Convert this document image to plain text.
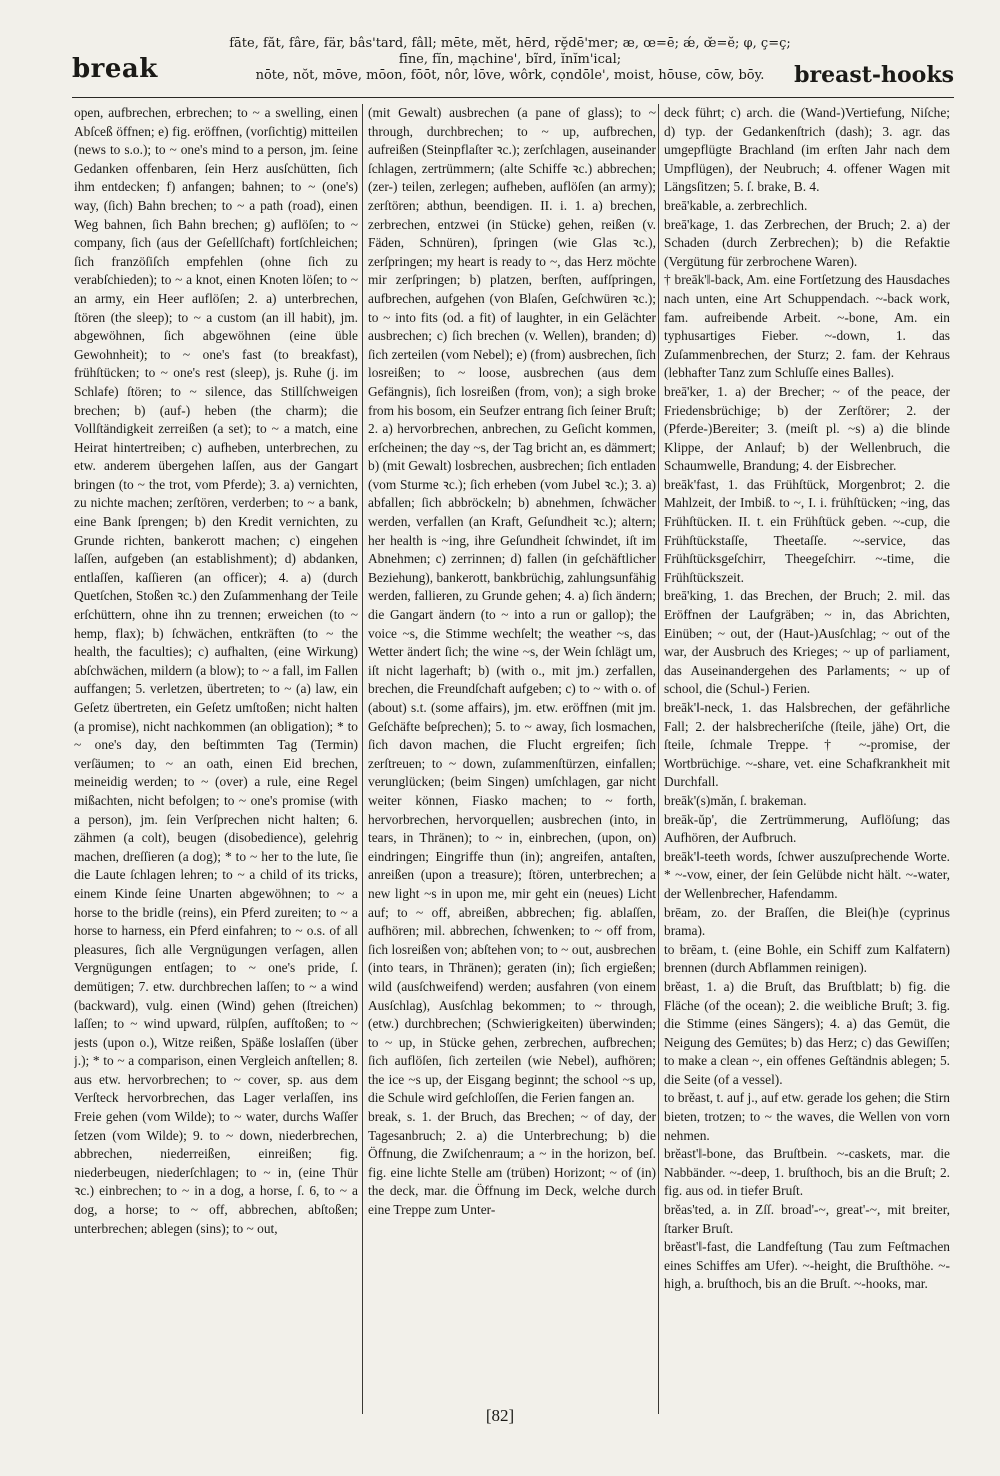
break
fāte, făt, fâre, fär, bâs'tard, fâll; mēte, mĕt, hērd, rḝdē'mer; æ, œ=ē; ǽ, œ̆=ĕ; φ, ç=ç;
fīne, fĭn, mạchine', bĩrd, ĭnĭm'ical;
nōte, nŏt, mōve, mōon, fōōt, nôr, lōve, wôrk, cọndōle', moist, hōuse, cōw, bōy.	breast-hooks

open, aufbrechen, erbrechen; to ~ a swelling, einen Abſceß öffnen; e) fig. eröffnen, (vorſichtig) mitteilen (news to s.o.); to ~ one's mind to a person, jm. ſeine Gedanken offenbaren, ſein Herz ausſchütten, ſich ihm entdecken; f) anfangen; bahnen; to ~ (one's) way, (ſich) Bahn brechen; to ~ a path (road), einen Weg bahnen, ſich Bahn brechen; g) auflöſen; to ~ company, ſich (aus der Geſellſchaft) fortſchleichen; ſich franzöſiſch empfehlen (ohne ſich zu verabſchieden); to ~ a knot, einen Knoten löſen; to ~ an army, ein Heer auflöſen; 2. a) unterbrechen, ſtören (the sleep); to ~ a custom (an ill habit), jm. abgewöhnen, ſich abgewöhnen (eine üble Gewohnheit); to ~ one's fast (to breakfast), frühſtücken; to ~ one's rest (sleep), js. Ruhe (j. im Schlafe) ſtören; to ~ silence, das Stillſchweigen brechen; b) (auf-) heben (the charm); die Vollſtändigkeit zerreißen (a set); to ~ a match, eine Heirat hintertreiben; c) aufheben, unterbrechen, zu etw. anderem übergehen laſſen, aus der Gangart bringen (to ~ the trot, vom Pferde); 3. a) vernichten, zu nichte machen; zerſtören, verderben; to ~ a bank, eine Bank ſprengen; b) den Kredit vernichten, zu Grunde richten, bankerott machen; c) eingehen laſſen, aufgeben (an establishment); d) abdanken, entlaſſen, kaſſieren (an officer); 4. a) (durch Quetſchen, Stoßen ꝛc.) den Zuſammenhang der Teile erſchüttern, ohne ihn zu trennen; erweichen (to ~ hemp, flax); b) ſchwächen, entkräften (to ~ the health, the faculties); c) aufhalten, (eine Wirkung) abſchwächen, mildern (a blow); to ~ a fall, im Fallen auffangen; 5. verletzen, übertreten; to ~ (a) law, ein Geſetz übertreten, ein Geſetz umſtoßen; nicht halten (a promise), nicht nachkommen (an obligation); * to ~ one's day, den beſtimmten Tag (Termin) verſäumen; to ~ an oath, einen Eid brechen, meineidig werden; to ~ (over) a rule, eine Regel mißachten, nicht befolgen; to ~ one's promise (with a person), jm. ſein Verſprechen nicht halten; 6. zähmen (a colt), beugen (disobedience), gelehrig machen, dreſſieren (a dog); * to ~ her to the lute, ſie die Laute ſchlagen lehren; to ~ a child of its tricks, einem Kinde ſeine Unarten abgewöhnen; to ~ a horse to the bridle (reins), ein Pferd zureiten; to ~ a horse to harness, ein Pferd einfahren; to ~ o.s. of all pleasures, ſich alle Vergnügungen verſagen, allen Vergnügungen entſagen; to ~ one's pride, ſ. demütigen; 7. etw. durchbrechen laſſen; to ~ a wind (backward), vulg. einen (Wind) gehen (ſtreichen) laſſen; to ~ wind upward, rülpſen, aufſtoßen; to ~ jests (upon o.), Witze reißen, Späße loslaſſen (über j.); * to ~ a comparison, einen Vergleich anſtellen; 8. aus etw. hervorbrechen; to ~ cover, sp. aus dem Verſteck hervorbrechen, das Lager verlaſſen, ins Freie gehen (vom Wilde); to ~ water, durchs Waſſer ſetzen (vom Wilde); 9. to ~ down, niederbrechen, abbrechen, niederreißen, einreißen; fig. niederbeugen, niederſchlagen; to ~ in, (eine Thür ꝛc.) einbrechen; to ~ in a dog, a horse, ſ. 6, to ~ a dog, a horse; to ~ off, abbrechen, abſtoßen; unterbrechen; ablegen (sins); to ~ out,

(mit Gewalt) ausbrechen (a pane of glass); to ~ through, durchbrechen; to ~ up, aufbrechen, aufreißen (Steinpflaſter ꝛc.); zerſchlagen, auseinander ſchlagen, zertrümmern; (alte Schiffe ꝛc.) abbrechen; (zer-) teilen, zerlegen; aufheben, auflöſen (an army); zerſtören; abthun, beendigen. II. i. 1. a) brechen, zerbrechen, entzwei (in Stücke) gehen, reißen (v. Fäden, Schnüren), ſpringen (wie Glas ꝛc.), zerſpringen; my heart is ready to ~, das Herz möchte mir zerſpringen; b) platzen, berſten, aufſpringen, aufbrechen, aufgehen (von Blaſen, Geſchwüren ꝛc.); to ~ into fits (od. a fit) of laughter, in ein Gelächter ausbrechen; c) ſich brechen (v. Wellen), branden; d) ſich zerteilen (vom Nebel); e) (from) ausbrechen, ſich losreißen; to ~ loose, ausbrechen (aus dem Gefängnis), ſich losreißen (from, von); a sigh broke from his bosom, ein Seufzer entrang ſich ſeiner Bruſt; 2. a) hervorbrechen, anbrechen, zu Geſicht kommen, erſcheinen; the day ~s, der Tag bricht an, es dämmert; b) (mit Gewalt) losbrechen, ausbrechen; ſich entladen (vom Sturme ꝛc.); ſich erheben (vom Jubel ꝛc.); 3. a) abfallen; ſich abbröckeln; b) abnehmen, ſchwächer werden, verfallen (an Kraft, Geſundheit ꝛc.); altern; her health is ~ing, ihre Geſundheit ſchwindet, iſt im Abnehmen; c) zerrinnen; d) fallen (in geſchäftlicher Beziehung), bankerott, bankbrüchig, zahlungsunfähig werden, fallieren, zu Grunde gehen; 4. a) ſich ändern; die Gangart ändern (to ~ into a run or gallop); the voice ~s, die Stimme wechſelt; the weather ~s, das Wetter ändert ſich; the wine ~s, der Wein ſchlägt um, iſt nicht lagerhaft; b) (with o., mit jm.) zerfallen, brechen, die Freundſchaft aufgeben; c) to ~ with o. of (about) s.t. (some affairs), jm. etw. eröffnen (mit jm. Geſchäfte beſprechen); 5. to ~ away, ſich losmachen, ſich davon machen, die Flucht ergreifen; ſich zerſtreuen; to ~ down, zuſammenſtürzen, einfallen; verunglücken; (beim Singen) umſchlagen, gar nicht weiter können, Fiasko machen; to ~ forth, hervorbrechen, hervorquellen; ausbrechen (into, in tears, in Thränen); to ~ in, einbrechen, (upon, on) eindringen; Eingriffe thun (in); angreifen, antaſten, anreißen (upon a treasure); ſtören, unterbrechen; a new light ~s in upon me, mir geht ein (neues) Licht auf; to ~ off, abreißen, abbrechen; fig. ablaſſen, aufhören; mil. abbrechen, ſchwenken; to ~ off from, ſich losreißen von; abſtehen von; to ~ out, ausbrechen (into tears, in Thränen); geraten (in); ſich ergießen; wild (ausſchweifend) werden; ausfahren (von einem Ausſchlag), Ausſchlag bekommen; to ~ through, (etw.) durchbrechen; (Schwierigkeiten) überwinden; to ~ up, in Stücke gehen, zerbrechen, aufbrechen; ſich auflöſen, ſich zerteilen (wie Nebel), aufhören; the ice ~s up, der Eisgang beginnt; the school ~s up, die Schule wird geſchloſſen, die Ferien fangen an.

break, s. 1. der Bruch, das Brechen; ~ of day, der Tagesanbruch; 2. a) die Unterbrechung; b) die Öffnung, die Zwiſchenraum; a ~ in the horizon, beſ. fig. eine lichte Stelle am (trüben) Horizont; ~ of (in) the deck, mar. die Öffnung im Deck, welche durch eine Treppe zum Unter-

deck führt; c) arch. die (Wand-)Vertiefung, Niſche; d) typ. der Gedankenſtrich (dash); 3. agr. das umgepflügte Brachland (im erſten Jahr nach dem Umpflügen), der Neubruch; 4. offener Wagen mit Längsſitzen; 5. ſ. brake, B. 4.

breā'kable, a. zerbrechlich.

breā'kage, 1. das Zerbrechen, der Bruch; 2. a) der Schaden (durch Zerbrechen); b) die Refaktie (Vergütung für zerbrochene Waren).

† breāk'‖-back, Am. eine Fortſetzung des Hausdaches nach unten, eine Art Schuppendach. ~-back work, fam. aufreibende Arbeit. ~-bone, Am. ein typhusartiges Fieber. ~-down, 1. das Zuſammenbrechen, der Sturz; 2. fam. der Kehraus (lebhafter Tanz zum Schluſſe eines Balles).

breā'ker, 1. a) der Brecher; ~ of the peace, der Friedensbrüchige; b) der Zerſtörer; 2. der (Pferde-)Bereiter; 3. (meiſt pl. ~s) a) die blinde Klippe, der Anlauf; b) der Wellenbruch, die Schaumwelle, Brandung; 4. der Eisbrecher.

breāk'fast, 1. das Frühſtück, Morgenbrot; 2. die Mahlzeit, der Imbiß. to ~, I. i. frühſtücken; ~ing, das Frühſtücken. II. t. ein Frühſtück geben. ~-cup, die Frühſtückstaſſe, Theetaſſe. ~-service, das Frühſtücksgeſchirr, Theegeſchirr. ~-time, die Frühſtückszeit.

breā'king, 1. das Brechen, der Bruch; 2. mil. das Eröffnen der Laufgräben; ~ in, das Abrichten, Einüben; ~ out, der (Haut-)Ausſchlag; ~ out of the war, der Ausbruch des Krieges; ~ up of parliament, das Auseinandergehen des Parlaments; ~ up of school, die (Schul-) Ferien.

breāk'‖-neck, 1. das Halsbrechen, der gefährliche Fall; 2. der halsbrecheriſche (ſteile, jähe) Ort, die ſteile, ſchmale Treppe. † ~-promise, der Wortbrüchige. ~-share, vet. eine Schafkrankheit mit Durchfall.

breāk'(s)măn, ſ. brakeman.

breāk-ŭp', die Zertrümmerung, Auflöſung; das Aufhören, der Aufbruch.

breāk'‖-teeth words, ſchwer auszuſprechende Worte. * ~-vow, einer, der ſein Gelübde nicht hält. ~-water, der Wellenbrecher, Hafendamm.

brēam, zo. der Braſſen, die Blei(h)e (cyprinus brama).

to brēam, t. (eine Bohle, ein Schiff zum Kalfatern) brennen (durch Abflammen reinigen).

brĕast, 1. a) die Bruſt, das Bruſtblatt; b) fig. die Fläche (of the ocean); 2. die weibliche Bruſt; 3. fig. die Stimme (eines Sängers); 4. a) das Gemüt, die Neigung des Gemütes; b) das Herz; c) das Gewiſſen; to make a clean ~, ein offenes Geſtändnis ablegen; 5. die Seite (of a vessel).

to brĕast, t. auf j., auf etw. gerade los gehen; die Stirn bieten, trotzen; to ~ the waves, die Wellen von vorn nehmen.

brĕast'‖-bone, das Bruſtbein. ~-caskets, mar. die Nabbänder. ~-deep, 1. bruſthoch, bis an die Bruſt; 2. fig. aus od. in tiefer Bruſt.

brĕas'ted, a. in Zſſ. broad'-~, great'-~, mit breiter, ſtarker Bruſt.

brĕast'‖-fast, die Landfeſtung (Tau zum Feſtmachen eines Schiffes am Ufer). ~-height, die Bruſthöhe. ~-high, a. bruſthoch, bis an die Bruſt. ~-hooks, mar.

[82]
